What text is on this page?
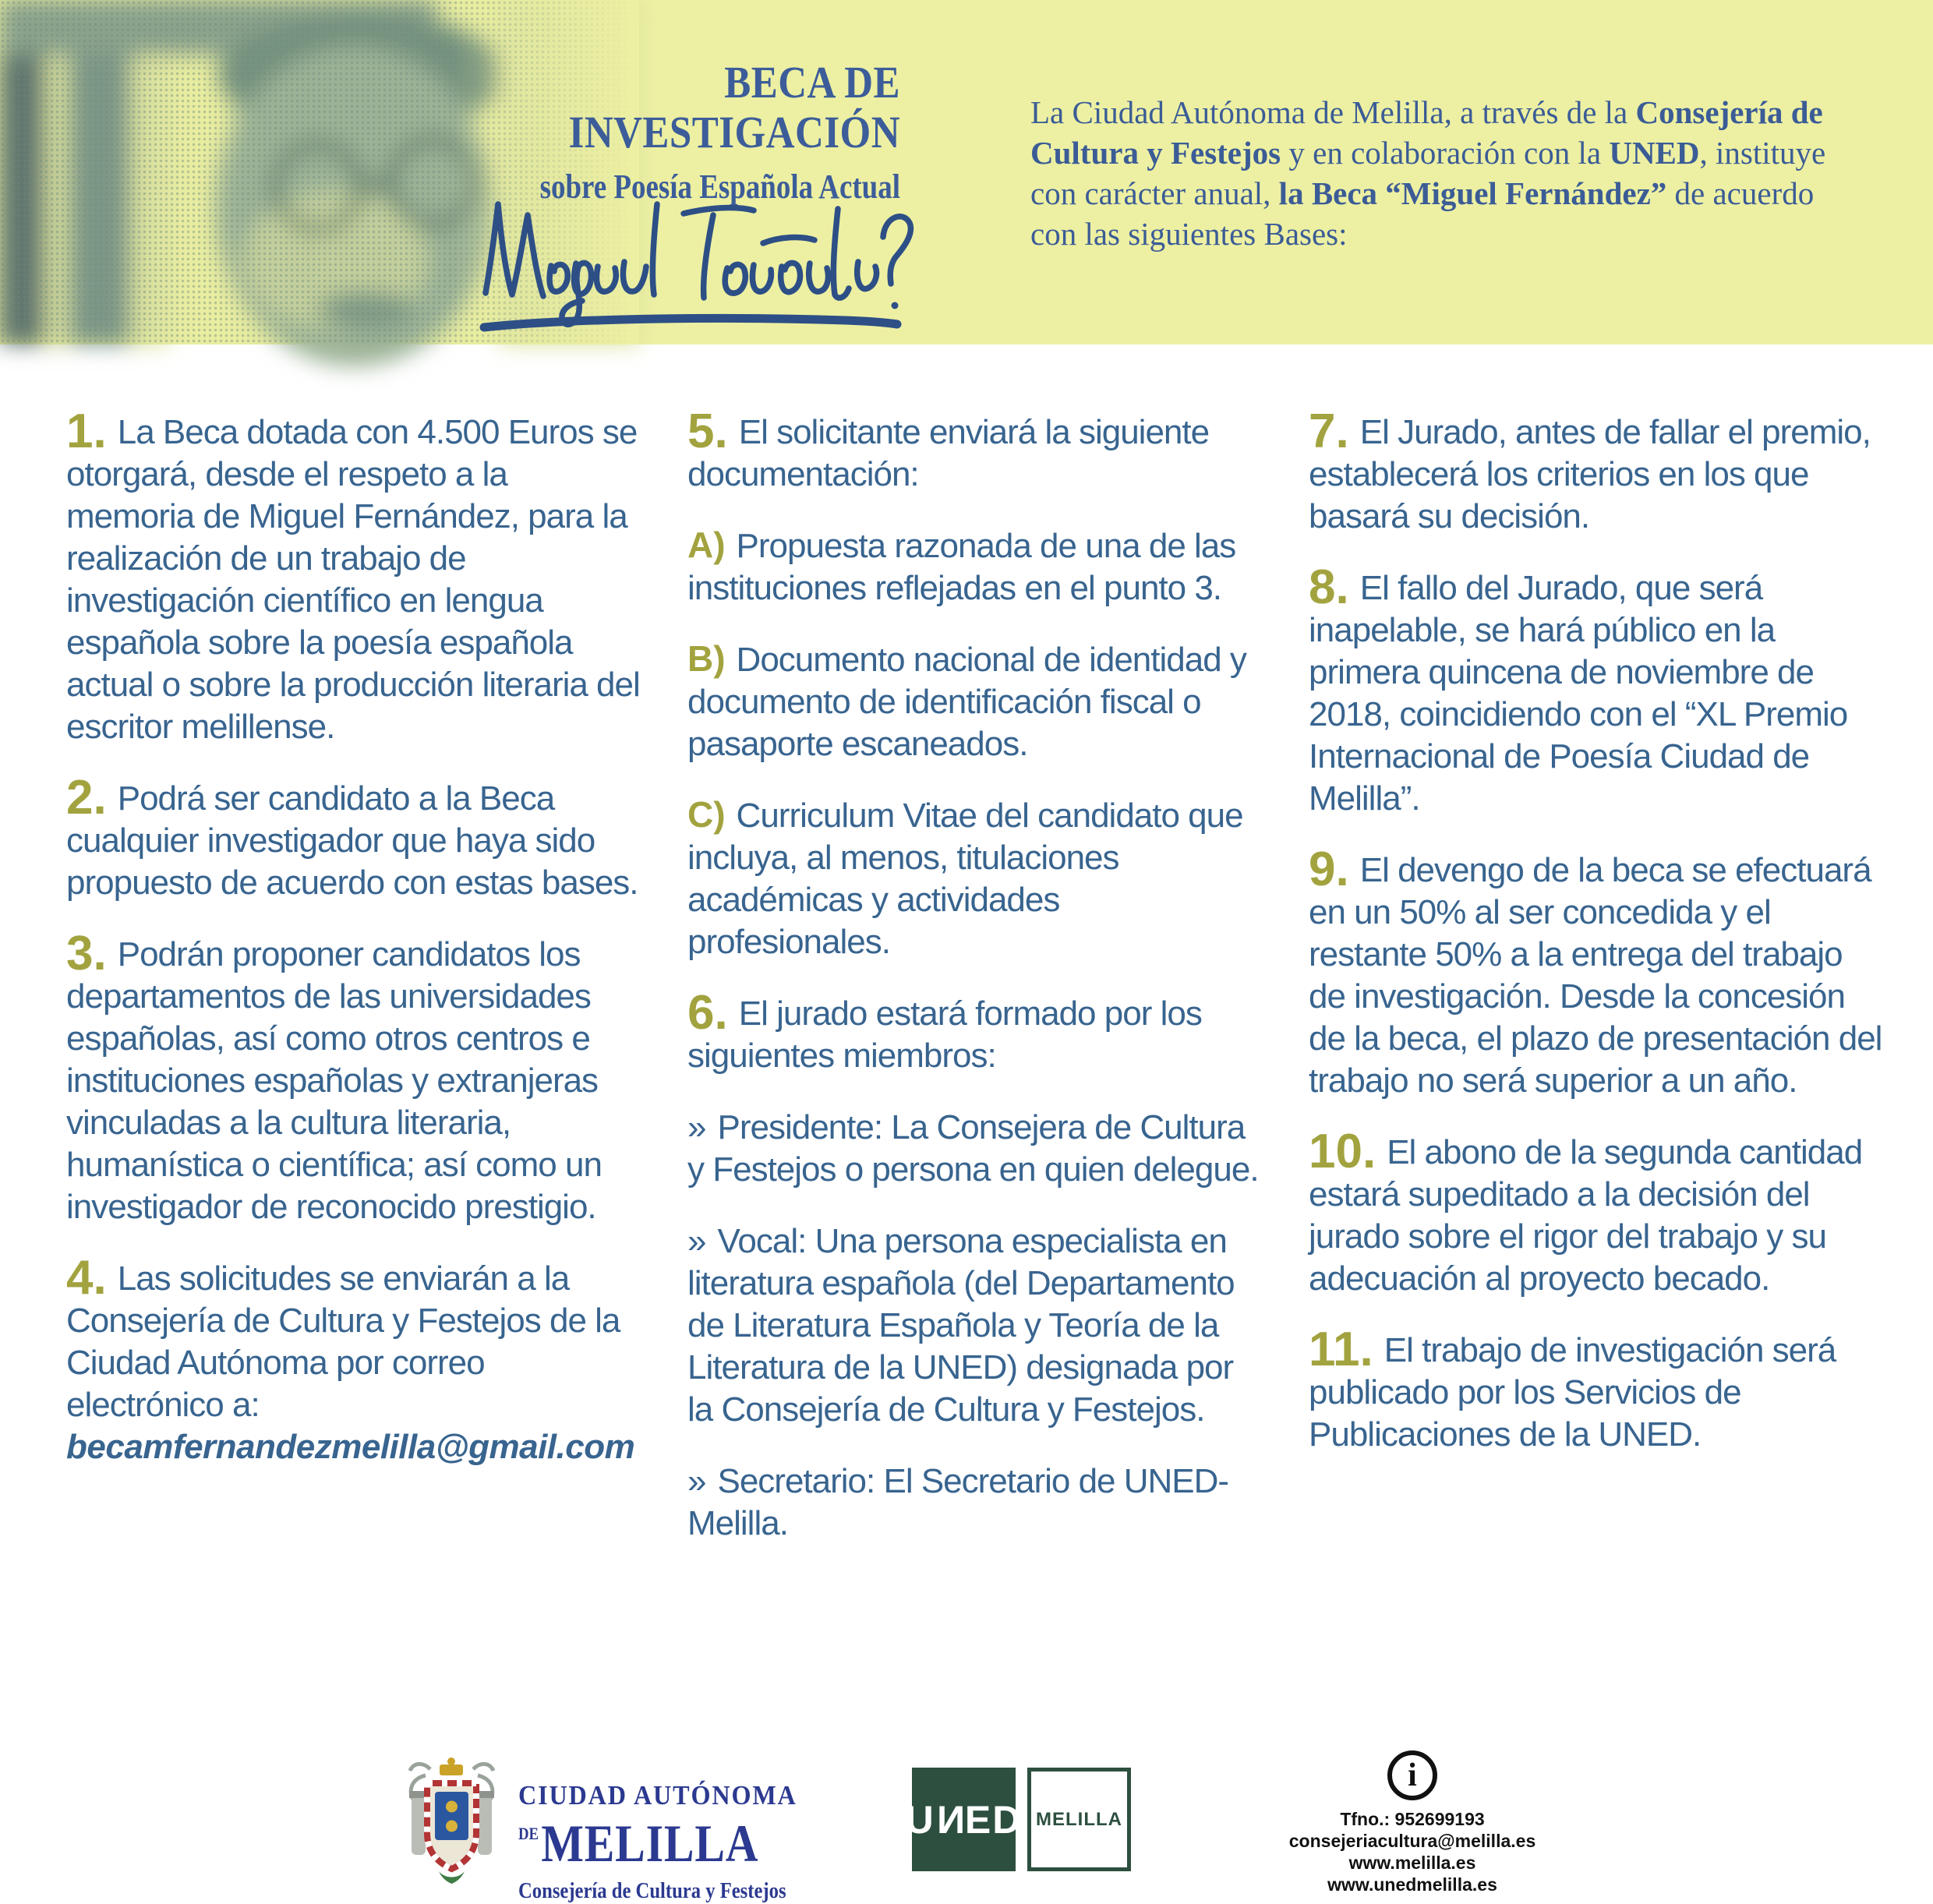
BECA DE
INVESTIGACIÓN
sobre Poesía Española Actual

La Ciudad Autónoma de Melilla, a través de la Consejería de Cultura y Festejos y en colaboración con la UNED, instituye con carácter anual, la Beca “Miguel Fernández” de acuerdo con las siguientes Bases:

1. La Beca dotada con 4.500 Euros se otorgará, desde el respeto a la memoria de Miguel Fernández, para la realización de un trabajo de investigación científico en lengua española sobre la poesía española actual o sobre la producción literaria del escritor melillense.

2. Podrá ser candidato a la Beca cualquier investigador que haya sido propuesto de acuerdo con estas bases.

3. Podrán proponer candidatos los departamentos de las universidades españolas, así como otros centros e instituciones españolas y extranjeras vinculadas a la cultura literaria, humanística o científica; así como un investigador de reconocido prestigio.

4. Las solicitudes se enviarán a la Consejería de Cultura y Festejos de la Ciudad Autónoma por correo electrónico a:
becamfernandezmelilla@gmail.com

5. El solicitante enviará la siguiente documentación:

A) Propuesta razonada de una de las instituciones reflejadas en el punto 3.

B) Documento nacional de identidad y documento de identificación fiscal o pasaporte escaneados.

C) Curriculum Vitae del candidato que incluya, al menos, titulaciones académicas y actividades profesionales.

6. El jurado estará formado por los siguientes miembros:

» Presidente: La Consejera de Cultura y Festejos o persona en quien delegue.

» Vocal: Una persona especialista en literatura española (del Departamento de Literatura Española y Teoría de la Literatura de la UNED) designada por la Consejería de Cultura y Festejos.

» Secretario: El Secretario de UNED-Melilla.

7. El Jurado, antes de fallar el premio, establecerá los criterios en los que basará su decisión.

8. El fallo del Jurado, que será inapelable, se hará público en la primera quincena de noviembre de 2018, coincidiendo con el “XL Premio Internacional de Poesía Ciudad de Melilla”.

9. El devengo de la beca se efectuará en un 50% al ser concedida y el restante 50% a la entrega del trabajo de investigación. Desde la concesión de la beca, el plazo de presentación del trabajo no será superior a un año.

10. El abono de la segunda cantidad estará supeditado a la decisión del jurado sobre el rigor del trabajo y su adecuación al proyecto becado.

11. El trabajo de investigación será publicado por los Servicios de Publicaciones de la UNED.

CIUDAD AUTÓNOMA
DEMELILLA
Consejería de Cultura y Festejos
U N ED MELILLA
i
Tfno.: 952699193
consejeriacultura@melilla.es
www.melilla.es
www.unedmelilla.es
